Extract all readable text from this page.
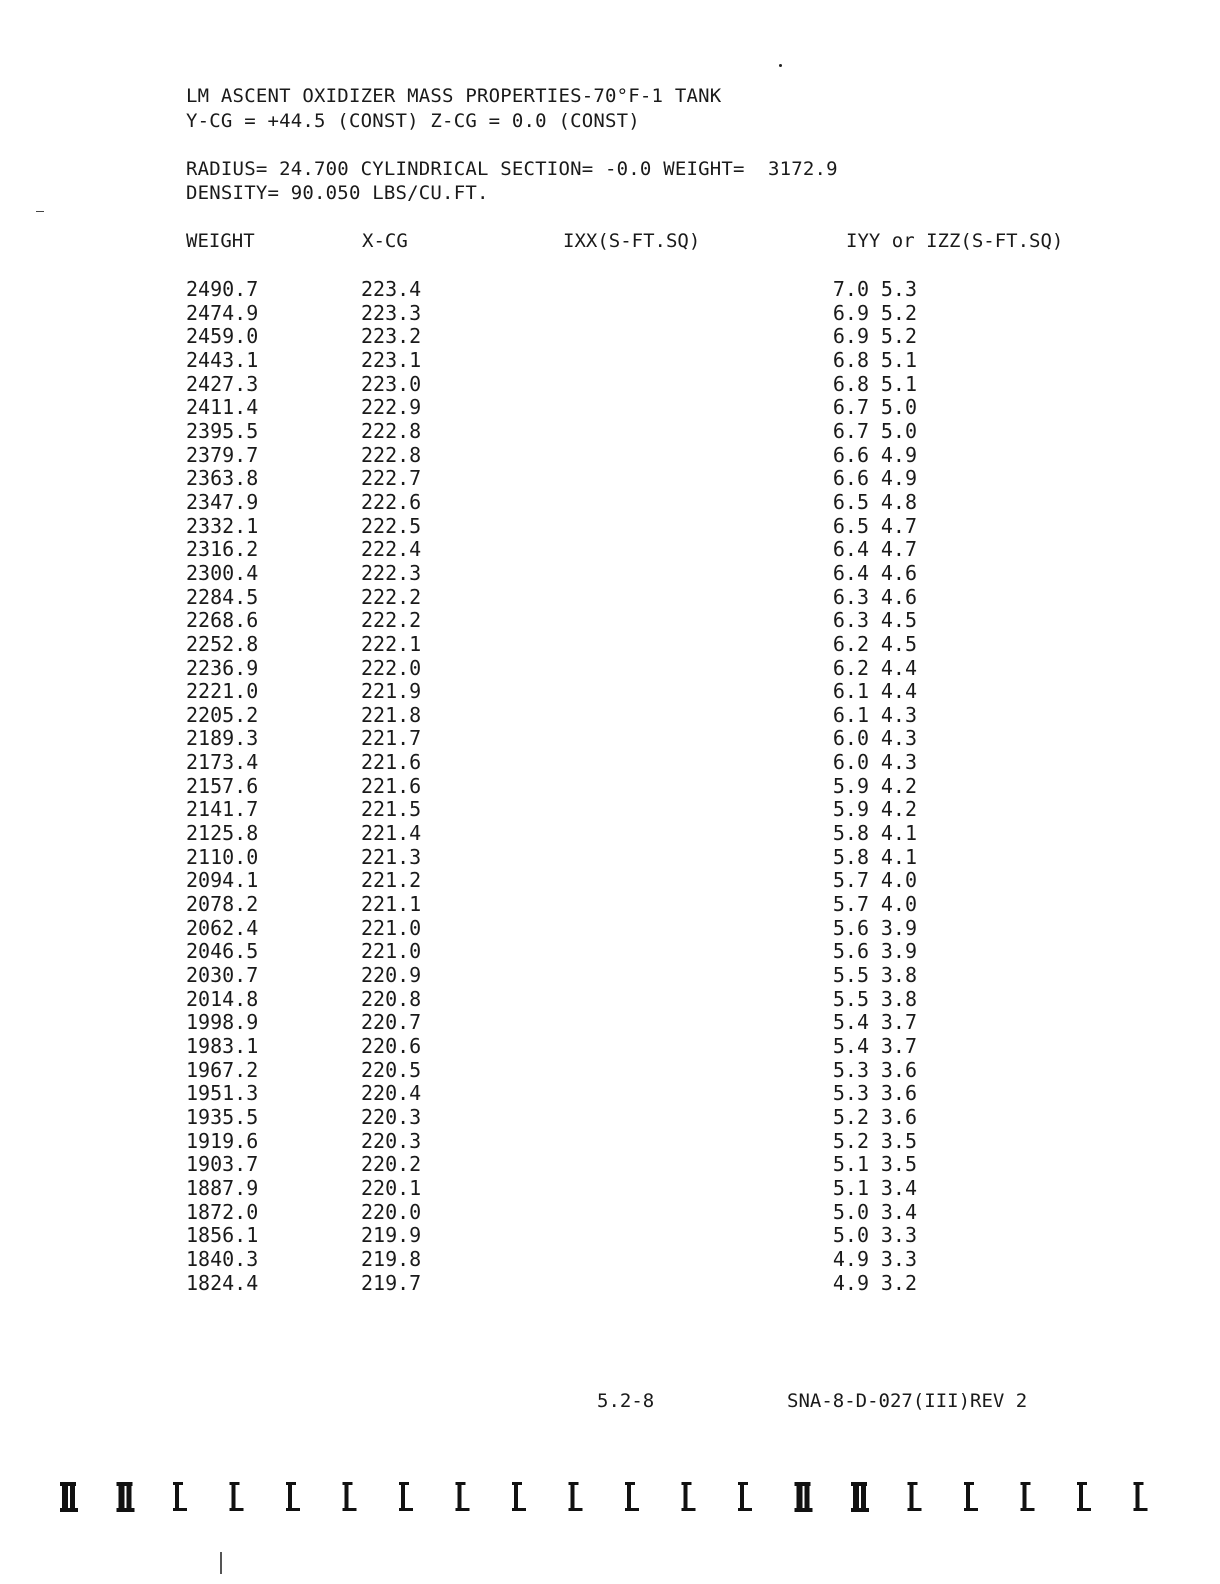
LM ASCENT OXIDIZER MASS PROPERTIES-70°F-1 TANK
Y-CG = +44.5 (CONST) Z-CG = 0.0 (CONST)
RADIUS= 24.700 CYLINDRICAL SECTION= -0.0 WEIGHT=  3172.9
DENSITY= 90.050 LBS/CU.FT.
WEIGHT	X-CG	IXX(S-FT.SQ)	IYY or IZZ(S-FT.SQ)
2490.7	223.4	7.0	5.3
2474.9	223.3	6.9	5.2
2459.0	223.2	6.9	5.2
2443.1	223.1	6.8	5.1
2427.3	223.0	6.8	5.1
2411.4	222.9	6.7	5.0
2395.5	222.8	6.7	5.0
2379.7	222.8	6.6	4.9
2363.8	222.7	6.6	4.9
2347.9	222.6	6.5	4.8
2332.1	222.5	6.5	4.7
2316.2	222.4	6.4	4.7
2300.4	222.3	6.4	4.6
2284.5	222.2	6.3	4.6
2268.6	222.2	6.3	4.5
2252.8	222.1	6.2	4.5
2236.9	222.0	6.2	4.4
2221.0	221.9	6.1	4.4
2205.2	221.8	6.1	4.3
2189.3	221.7	6.0	4.3
2173.4	221.6	6.0	4.3
2157.6	221.6	5.9	4.2
2141.7	221.5	5.9	4.2
2125.8	221.4	5.8	4.1
2110.0	221.3	5.8	4.1
2094.1	221.2	5.7	4.0
2078.2	221.1	5.7	4.0
2062.4	221.0	5.6	3.9
2046.5	221.0	5.6	3.9
2030.7	220.9	5.5	3.8
2014.8	220.8	5.5	3.8
1998.9	220.7	5.4	3.7
1983.1	220.6	5.4	3.7
1967.2	220.5	5.3	3.6
1951.3	220.4	5.3	3.6
1935.5	220.3	5.2	3.6
1919.6	220.3	5.2	3.5
1903.7	220.2	5.1	3.5
1887.9	220.1	5.1	3.4
1872.0	220.0	5.0	3.4
1856.1	219.9	5.0	3.3
1840.3	219.8	4.9	3.3
1824.4	219.7	4.9	3.2
5.2-8	SNA-8-D-027(III)REV 2
